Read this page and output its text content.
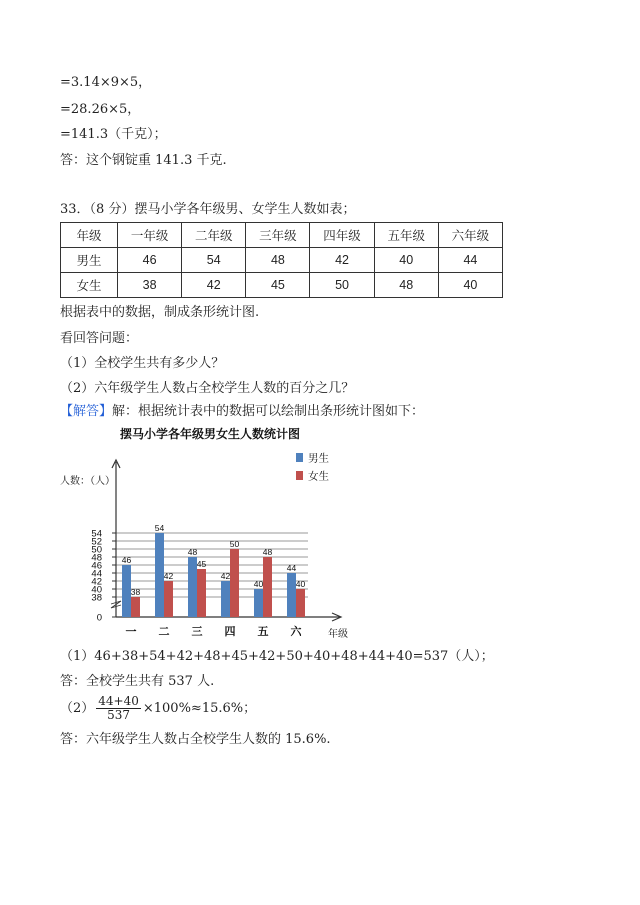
=3.14×9×5，
=28.26×5，
=141.3（千克）；
答：这个钢锭重 141.3 千克.
33．（8 分）摆马小学各年级男、女学生人数如表；
年级	一年级	二年级	三年级	四年级	五年级	六年级
男生	46	54	48	42	40	44
女生	38	42	45	50	48	40
根据表中的数据，制成条形统计图.
看回答问题：
（1）全校学生共有多少人？
（2）六年级学生人数占全校学生人数的百分之几？
【解答】解：根据统计表中的数据可以绘制出条形统计图如下：
摆马小学各年级男女生人数统计图
人数：（人）
0
38
40
42
44
46
48
50
52
54
46
38
一
54
42
二
48
45
三
42
50
四
40
48
五
44
40
六	年级
男生
女生
（1）46+38+54+42+48+45+42+50+40+48+44+40=537（人）；
答：全校学生共有 537 人.
$(2) \frac{44+40}{537} \times 100\%\approx 15.6\%$；
答：六年级学生人数占全校学生人数的 15.6%.
